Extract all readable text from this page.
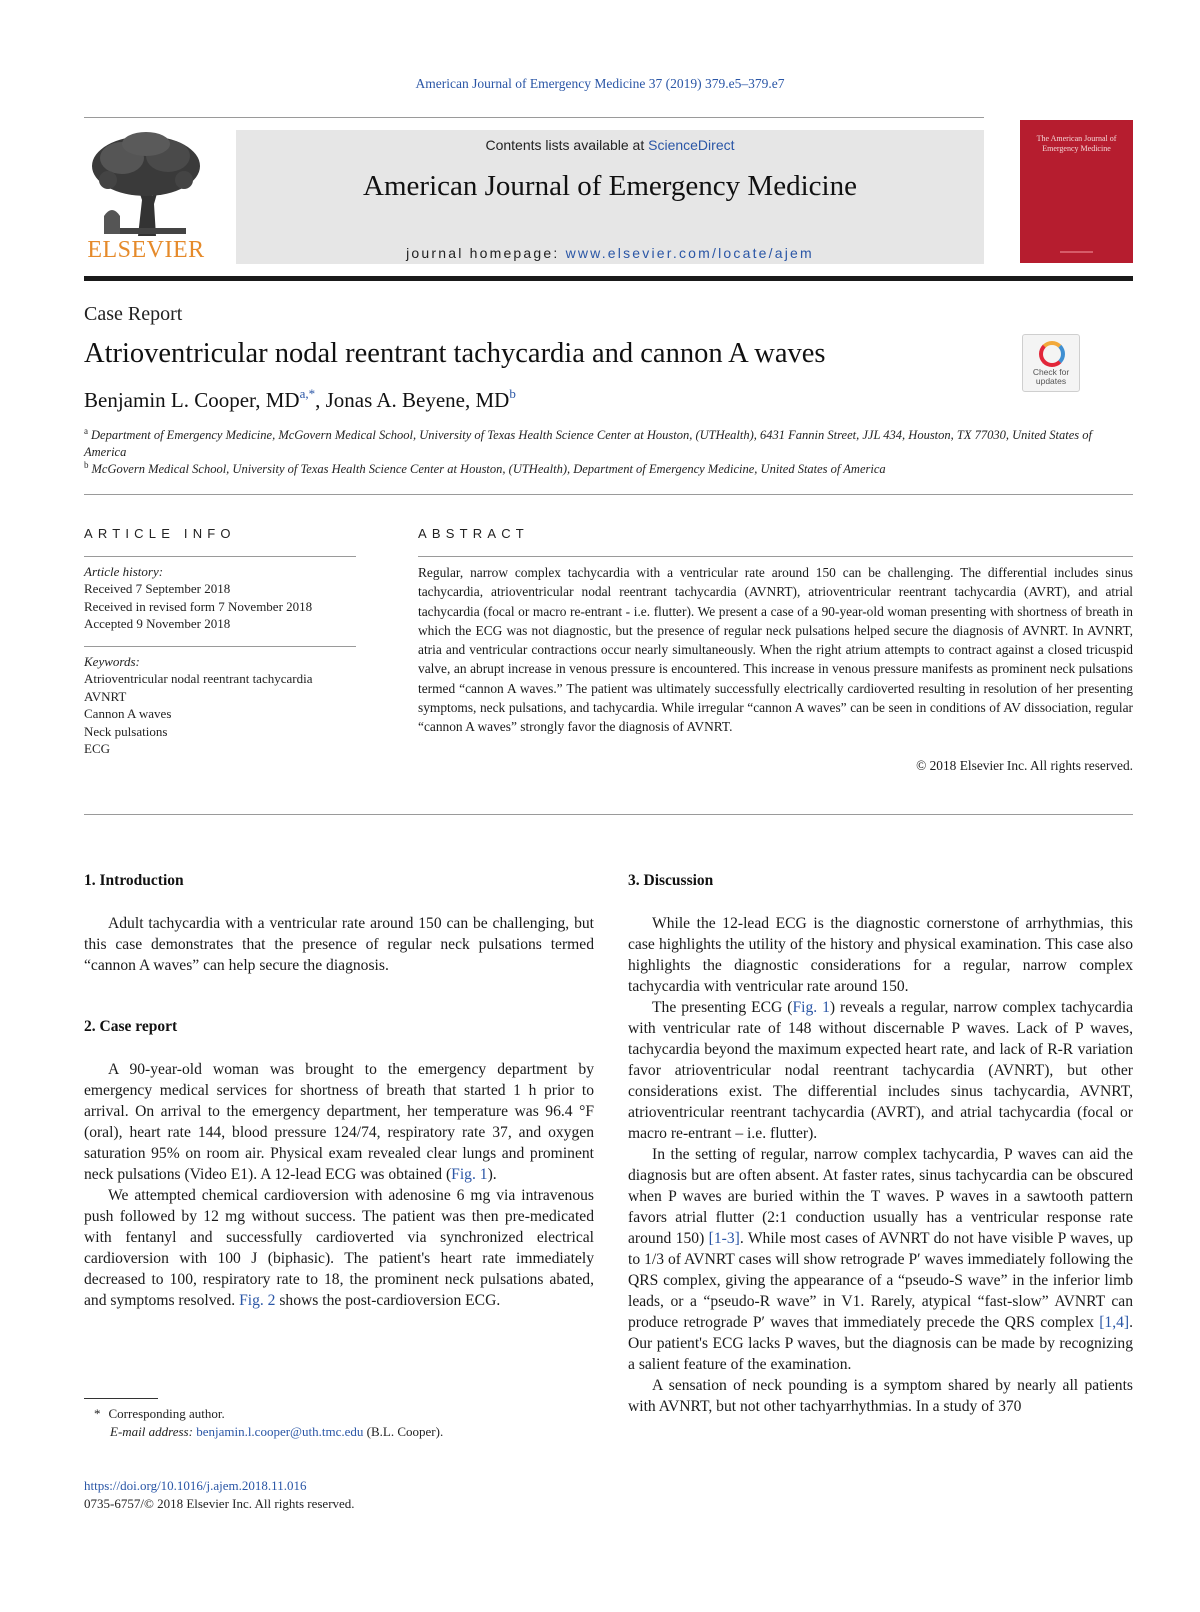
American Journal of Emergency Medicine 37 (2019) 379.e5–379.e7
ELSEVIER
Contents lists available at ScienceDirect
American Journal of Emergency Medicine
journal homepage: www.elsevier.com/locate/ajem
The American Journal of Emergency Medicine
Case Report
Atrioventricular nodal reentrant tachycardia and cannon A waves
Check for updates
Benjamin L. Cooper, $MD^{a,*}$, Jonas A. Beyene, $MD^b$
$^a$ Department of Emergency Medicine, McGovern Medical School, University of Texas Health Science Center at Houston, (UTHealth), 6431 Fannin Street, JJL 434, Houston, TX 77030, United States of America
$^b$ McGovern Medical School, University of Texas Health Science Center at Houston, (UTHealth), Department of Emergency Medicine, United States of America
ARTICLE INFO	ABSTRACT
Article history:
Received 7 September 2018
Received in revised form 7 November 2018
Accepted 9 November 2018
Keywords:
Atrioventricular nodal reentrant tachycardia
AVNRT
Cannon A waves
Neck pulsations
ECG
Regular, narrow complex tachycardia with a ventricular rate around 150 can be challenging. The differential includes sinus tachycardia, atrioventricular nodal reentrant tachycardia (AVNRT), atrioventricular reentrant tachycardia (AVRT), and atrial tachycardia (focal or macro re-entrant - i.e. flutter). We present a case of a 90-year-old woman presenting with shortness of breath in which the ECG was not diagnostic, but the presence of regular neck pulsations helped secure the diagnosis of AVNRT. In AVNRT, atria and ventricular contractions occur nearly simultaneously. When the right atrium attempts to contract against a closed tricuspid valve, an abrupt increase in venous pressure is encountered. This increase in venous pressure manifests as prominent neck pulsations termed “cannon A waves.” The patient was ultimately successfully electrically cardioverted resulting in resolution of her presenting symptoms, neck pulsations, and tachycardia. While irregular “cannon A waves” can be seen in conditions of AV dissociation, regular “cannon A waves” strongly favor the diagnosis of AVNRT.
© 2018 Elsevier Inc. All rights reserved.
1. Introduction

Adult tachycardia with a ventricular rate around 150 can be challenging, but this case demonstrates that the presence of regular neck pulsations termed “cannon A waves” can help secure the diagnosis.

2. Case report

A 90-year-old woman was brought to the emergency department by emergency medical services for shortness of breath that started 1 h prior to arrival. On arrival to the emergency department, her temperature was 96.4 °F (oral), heart rate 144, blood pressure 124/74, respiratory rate 37, and oxygen saturation 95% on room air. Physical exam revealed clear lungs and prominent neck pulsations (Video E1). A 12-lead ECG was obtained (Fig. 1).

We attempted chemical cardioversion with adenosine 6 mg via intravenous push followed by 12 mg without success. The patient was then pre-medicated with fentanyl and successfully cardioverted via synchronized electrical cardioversion with 100 J (biphasic). The patient's heart rate immediately decreased to 100, respiratory rate to 18, the prominent neck pulsations abated, and symptoms resolved. Fig. 2 shows the post-cardioversion ECG.

* Corresponding author.
E-mail address: benjamin.l.cooper@uth.tmc.edu (B.L. Cooper).
https://doi.org/10.1016/j.ajem.2018.11.016
0735-6757/© 2018 Elsevier Inc. All rights reserved.
3. Discussion

While the 12-lead ECG is the diagnostic cornerstone of arrhythmias, this case highlights the utility of the history and physical examination. This case also highlights the diagnostic considerations for a regular, narrow complex tachycardia with ventricular rate around 150.

The presenting ECG (Fig. 1) reveals a regular, narrow complex tachycardia with ventricular rate of 148 without discernable P waves. Lack of P waves, tachycardia beyond the maximum expected heart rate, and lack of R-R variation favor atrioventricular nodal reentrant tachycardia (AVNRT), but other considerations exist. The differential includes sinus tachycardia, AVNRT, atrioventricular reentrant tachycardia (AVRT), and atrial tachycardia (focal or macro re-entrant – i.e. flutter).

In the setting of regular, narrow complex tachycardia, P waves can aid the diagnosis but are often absent. At faster rates, sinus tachycardia can be obscured when P waves are buried within the T waves. P waves in a sawtooth pattern favors atrial flutter (2:1 conduction usually has a ventricular response rate around 150) [1-3]. While most cases of AVNRT do not have visible P waves, up to 1/3 of AVNRT cases will show retrograde P′ waves immediately following the QRS complex, giving the appearance of a “pseudo-S wave” in the inferior limb leads, or a “pseudo-R wave” in V1. Rarely, atypical “fast-slow” AVNRT can produce retrograde P′ waves that immediately precede the QRS complex [1,4]. Our patient's ECG lacks P waves, but the diagnosis can be made by recognizing a salient feature of the examination.

A sensation of neck pounding is a symptom shared by nearly all patients with AVNRT, but not other tachyarrhythmias. In a study of 370
